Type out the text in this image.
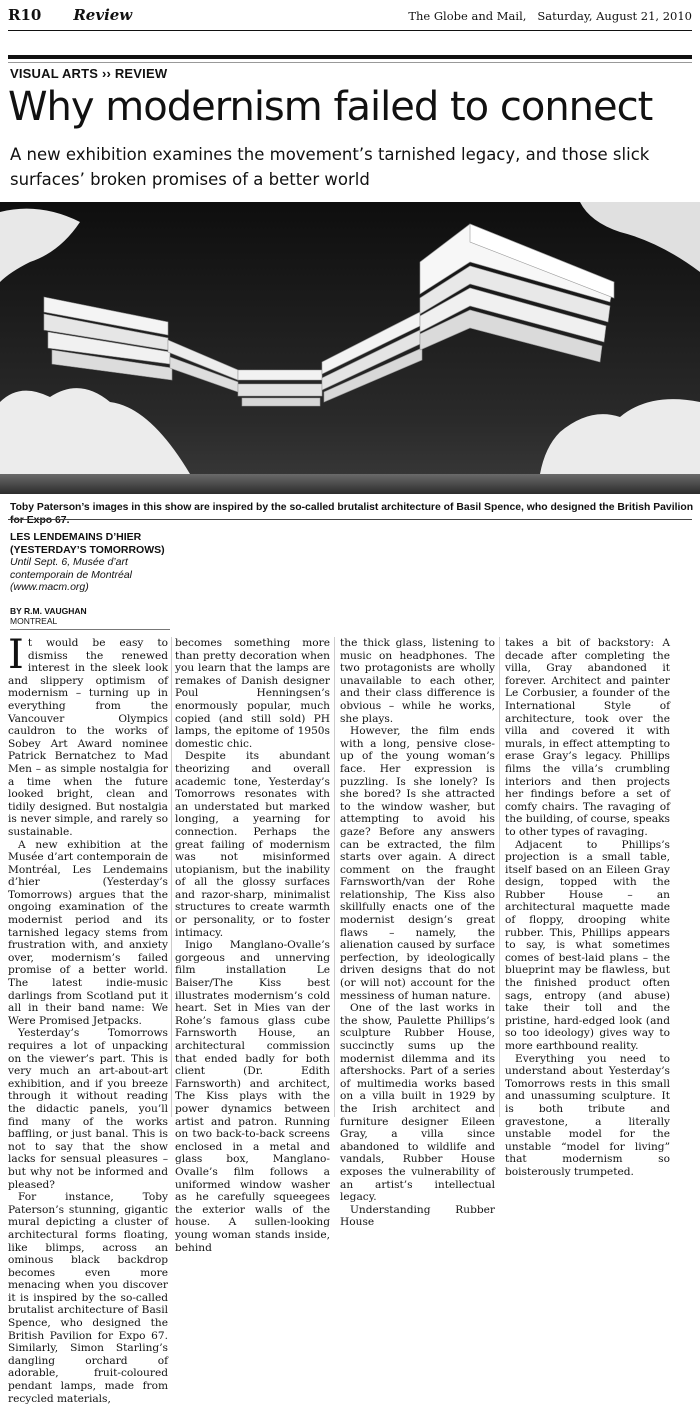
R10 Review	The Globe and Mail,   Saturday, August 21, 2010
VISUAL ARTS ›› REVIEW
Why modernism failed to connect
A new exhibition examines the movement’s tarnished legacy, and those slick surfaces’ broken promises of a better world
Toby Paterson’s images in this show are inspired by the so-called brutalist architecture of Basil Spence, who designed the British Pavilion for Expo 67.
LES LENDEMAINS D’HIER
(YESTERDAY’S TOMORROWS)
Until Sept. 6, Musée d’art
contemporain de Montréal
(www.macm.org)
BY R.M. VAUGHAN
MONTREAL

It would be easy to dismiss the renewed interest in the sleek look and slippery optimism of modernism – turning up in everything from the Vancouver Olympics cauldron to the works of Sobey Art Award nominee Patrick Bernatchez to Mad Men – as simple nostalgia for a time when the future looked bright, clean and tidily designed. But nostalgia is never simple, and rarely so sustainable.

A new exhibition at the Musée d’art contemporain de Montréal, Les Lendemains d’hier (Yesterday’s Tomorrows) argues that the ongoing examination of the modernist period and its tarnished legacy stems from frustration with, and anxiety over, modernism’s failed promise of a better world. The latest indie-music darlings from Scotland put it all in their band name: We Were Promised Jetpacks.

Yesterday’s Tomorrows requires a lot of unpacking on the viewer’s part. This is very much an art-about-art exhibition, and if you breeze through it without reading the didactic panels, you’ll find many of the works baffling, or just banal. This is not to say that the show lacks for sensual pleasures – but why not be informed and pleased?

For instance, Toby Paterson’s stunning, gigantic mural depicting a cluster of architectural forms floating, like blimps, across an ominous black backdrop becomes even more menacing when you discover it is inspired by the so-called brutalist architecture of Basil Spence, who designed the British Pavilion for Expo 67. Similarly, Simon Starling’s dangling orchard of adorable, fruit-coloured pendant lamps, made from recycled materials,

becomes something more than pretty decoration when you learn that the lamps are remakes of Danish designer Poul Henningsen’s enormously popular, much copied (and still sold) PH lamps, the epitome of 1950s domestic chic.

Despite its abundant theorizing and overall academic tone, Yesterday’s Tomorrows resonates with an understated but marked longing, a yearning for connection. Perhaps the great failing of modernism was not misinformed utopianism, but the inability of all the glossy surfaces and razor-sharp, minimalist structures to create warmth or personality, or to foster intimacy.

Inigo Manglano-Ovalle’s gorgeous and unnerving film installation Le Baiser/The Kiss best illustrates modernism’s cold heart. Set in Mies van der Rohe’s famous glass cube Farnsworth House, an architectural commission that ended badly for both client (Dr. Edith Farnsworth) and architect, The Kiss plays with the power dynamics between artist and patron. Running on two back-to-back screens enclosed in a metal and glass box, Manglano-Ovalle’s film follows a uniformed window washer as he carefully squeegees the exterior walls of the house. A sullen-looking young woman stands inside, behind

the thick glass, listening to music on headphones. The two protagonists are wholly unavailable to each other, and their class difference is obvious – while he works, she plays.

However, the film ends with a long, pensive close-up of the young woman’s face. Her expression is puzzling. Is she lonely? Is she bored? Is she attracted to the window washer, but attempting to avoid his gaze? Before any answers can be extracted, the film starts over again. A direct comment on the fraught Farnsworth/van der Rohe relationship, The Kiss also skillfully enacts one of the modernist design’s great flaws – namely, the alienation caused by surface perfection, by ideologically driven designs that do not (or will not) account for the messiness of human nature.

One of the last works in the show, Paulette Phillips’s sculpture Rubber House, succinctly sums up the modernist dilemma and its aftershocks. Part of a series of multimedia works based on a villa built in 1929 by the Irish architect and furniture designer Eileen Gray, a villa since abandoned to wildlife and vandals, Rubber House exposes the vulnerability of an artist’s intellectual legacy.

Understanding Rubber House

takes a bit of backstory: A decade after completing the villa, Gray abandoned it forever. Architect and painter Le Corbusier, a founder of the International Style of architecture, took over the villa and covered it with murals, in effect attempting to erase Gray’s legacy. Phillips films the villa’s crumbling interiors and then projects her findings before a set of comfy chairs. The ravaging of the building, of course, speaks to other types of ravaging.

Adjacent to Phillips’s projection is a small table, itself based on an Eileen Gray design, topped with the Rubber House – an architectural maquette made of floppy, drooping white rubber. This, Phillips appears to say, is what sometimes comes of best-laid plans – the blueprint may be flawless, but the finished product often sags, entropy (and abuse) take their toll and the pristine, hard-edged look (and so too ideology) gives way to more earthbound reality.

Everything you need to understand about Yesterday’s Tomorrows rests in this small and unassuming sculpture. It is both tribute and gravestone, a literally unstable model for the unstable “model for living” that modernism so boisterously trumpeted.
